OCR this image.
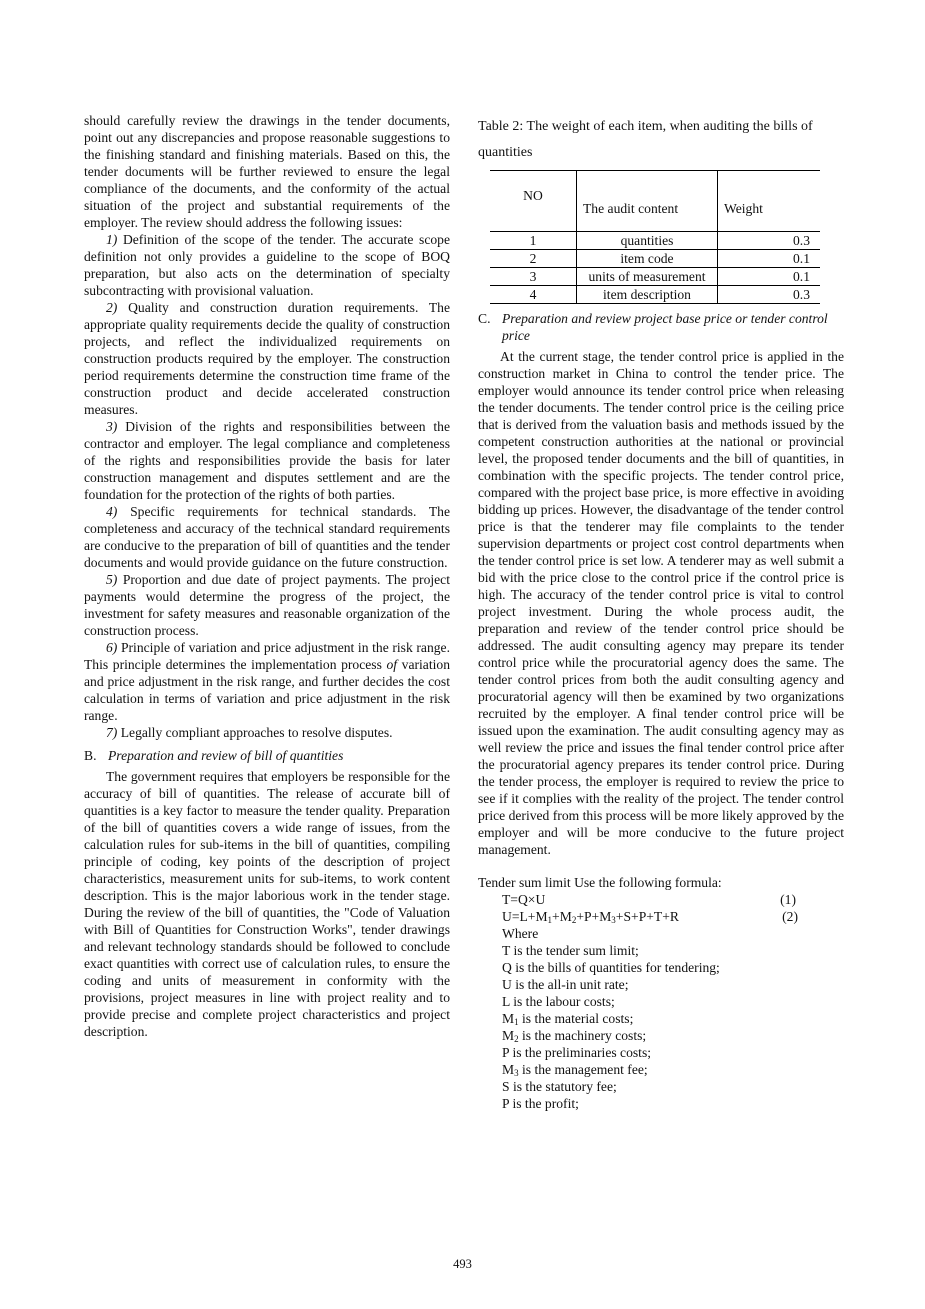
should carefully review the drawings in the tender documents, point out any discrepancies and propose reasonable suggestions to the finishing standard and finishing materials. Based on this, the tender documents will be further reviewed to ensure the legal compliance of the documents, and the conformity of the actual situation of the project and substantial requirements of the employer. The review should address the following issues:

1) Definition of the scope of the tender. The accurate scope definition not only provides a guideline to the scope of BOQ preparation, but also acts on the determination of specialty subcontracting with provisional valuation.

2) Quality and construction duration requirements. The appropriate quality requirements decide the quality of construction projects, and reflect the individualized requirements on construction products required by the employer. The construction period requirements determine the construction time frame of the construction product and decide accelerated construction measures.

3) Division of the rights and responsibilities between the contractor and employer. The legal compliance and completeness of the rights and responsibilities provide the basis for later construction management and disputes settlement and are the foundation for the protection of the rights of both parties.

4) Specific requirements for technical standards. The completeness and accuracy of the technical standard requirements are conducive to the preparation of bill of quantities and the tender documents and would provide guidance on the future construction.

5) Proportion and due date of project payments. The project payments would determine the progress of the project, the investment for safety measures and reasonable organization of the construction process.

6) Principle of variation and price adjustment in the risk range. This principle determines the implementation process of variation and price adjustment in the risk range, and further decides the cost calculation in terms of variation and price adjustment in the risk range.

7) Legally compliant approaches to resolve disputes.

B. Preparation and review of bill of quantities

The government requires that employers be responsible for the accuracy of bill of quantities. The release of accurate bill of quantities is a key factor to measure the tender quality. Preparation of the bill of quantities covers a wide range of issues, from the calculation rules for sub-items in the bill of quantities, compiling principle of coding, key points of the description of project characteristics, measurement units for sub-items, to work content description. This is the major laborious work in the tender stage. During the review of the bill of quantities, the "Code of Valuation with Bill of Quantities for Construction Works", tender drawings and relevant technology standards should be followed to conclude exact quantities with correct use of calculation rules, to ensure the coding and units of measurement in conformity with the provisions, project measures in line with project reality and to provide precise and complete project characteristics and project description.

Table 2: The weight of each item, when auditing the bills of quantities
NO	The audit content	Weight
1	quantities	0.3
2	item code	0.1
3	units of measurement	0.1
4	item description	0.3
C. Preparation and review project base price or tender control price

At the current stage, the tender control price is applied in the construction market in China to control the tender price. The employer would announce its tender control price when releasing the tender documents. The tender control price is the ceiling price that is derived from the valuation basis and methods issued by the competent construction authorities at the national or provincial level, the proposed tender documents and the bill of quantities, in combination with the specific projects. The tender control price, compared with the project base price, is more effective in avoiding bidding up prices. However, the disadvantage of the tender control price is that the tenderer may file complaints to the tender supervision departments or project cost control departments when the tender control price is set low. A tenderer may as well submit a bid with the price close to the control price if the control price is high. The accuracy of the tender control price is vital to control project investment. During the whole process audit, the preparation and review of the tender control price should be addressed. The audit consulting agency may prepare its tender control price while the procuratorial agency does the same. The tender control prices from both the audit consulting agency and procuratorial agency will then be examined by two organizations recruited by the employer. A final tender control price will be issued upon the examination. The audit consulting agency may as well review the price and issues the final tender control price after the procuratorial agency prepares its tender control price. During the tender process, the employer is required to review the price to see if it complies with the reality of the project. The tender control price derived from this process will be more likely approved by the employer and will be more conducive to the future project management.

Tender sum limit Use the following formula:

T=Q×U	(1)
$U=L+M_1+M_2+P+M_3+S+P+T+R$	(2)

Where

T is the tender sum limit;

Q is the bills of quantities for tendering;

U is the all-in unit rate;

L is the labour costs;

$M_1$ is the material costs;

$M_2$ is the machinery costs;

P is the preliminaries costs;

$M_3$ is the management fee;

S is the statutory fee;

P is the profit;

493
